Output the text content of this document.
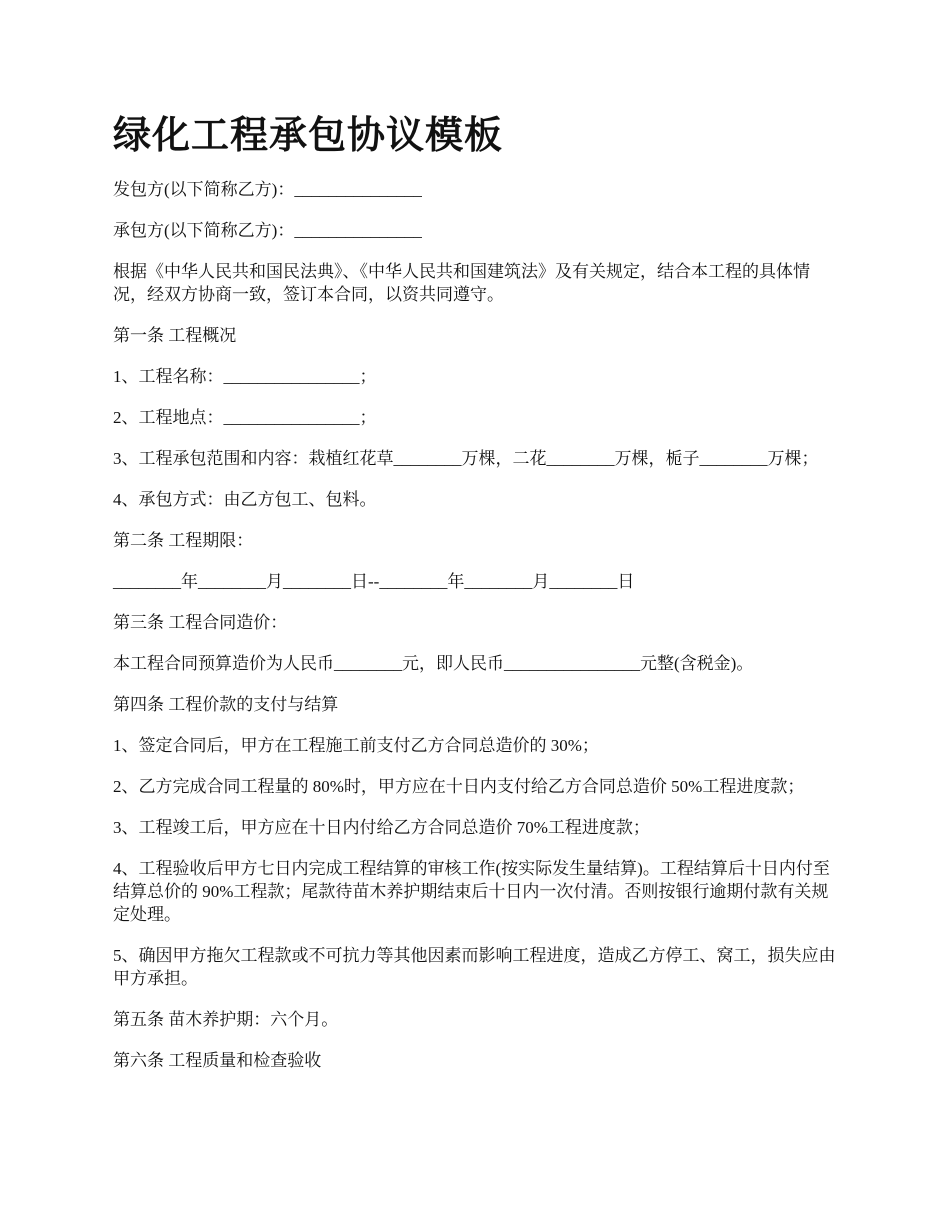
绿化工程承包协议模板

发包方(以下简称乙方)：_______________

承包方(以下简称乙方)：_______________

根据《中华人民共和国民法典》、《中华人民共和国建筑法》及有关规定，结合本工程的具体情况，经双方协商一致，签订本合同，以资共同遵守。

第一条 工程概况

1、工程名称：________________；

2、工程地点：________________；

3、工程承包范围和内容：栽植红花草________万棵，二花________万棵，栀子________万棵；

4、承包方式：由乙方包工、包料。

第二条 工程期限：

________年________月________日--________年________月________日

第三条 工程合同造价：

本工程合同预算造价为人民币________元，即人民币________________元整(含税金)。

第四条 工程价款的支付与结算

1、签定合同后，甲方在工程施工前支付乙方合同总造价的 30%；

2、乙方完成合同工程量的 80%时，甲方应在十日内支付给乙方合同总造价 50%工程进度款；

3、工程竣工后，甲方应在十日内付给乙方合同总造价 70%工程进度款；

4、工程验收后甲方七日内完成工程结算的审核工作(按实际发生量结算)。工程结算后十日内付至结算总价的 90%工程款；尾款待苗木养护期结束后十日内一次付清。否则按银行逾期付款有关规定处理。

5、确因甲方拖欠工程款或不可抗力等其他因素而影响工程进度，造成乙方停工、窝工，损失应由甲方承担。

第五条 苗木养护期：六个月。

第六条 工程质量和检查验收
